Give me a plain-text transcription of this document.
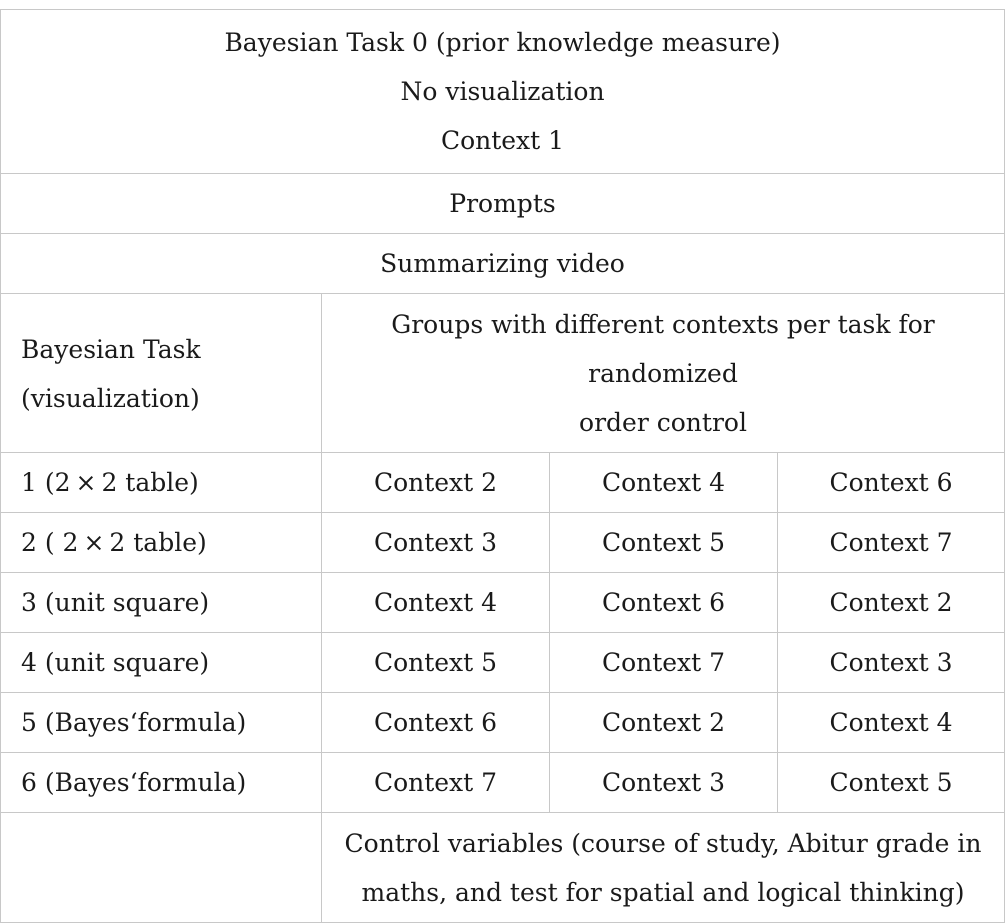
Bayesian Task 0 (prior knowledge measure)
No visualization
Context 1			

Prompts			
Summarizing video			

Bayesian Task
(visualization)	Groups with different contexts per task for randomized
order control		

1 (2 × 2 table)	Context 2	Context 4	Context 6
2 ( 2 × 2 table)	Context 3	Context 5	Context 7
3 (unit square)	Context 4	Context 6	Context 2
4 (unit square)	Context 5	Context 7	Context 3
5 (Bayes‘formula)	Context 6	Context 2	Context 4
6 (Bayes‘formula)	Context 7	Context 3	Context 5

	Control variables (course of study, Abitur grade in
maths, and test for spatial and logical thinking)		
